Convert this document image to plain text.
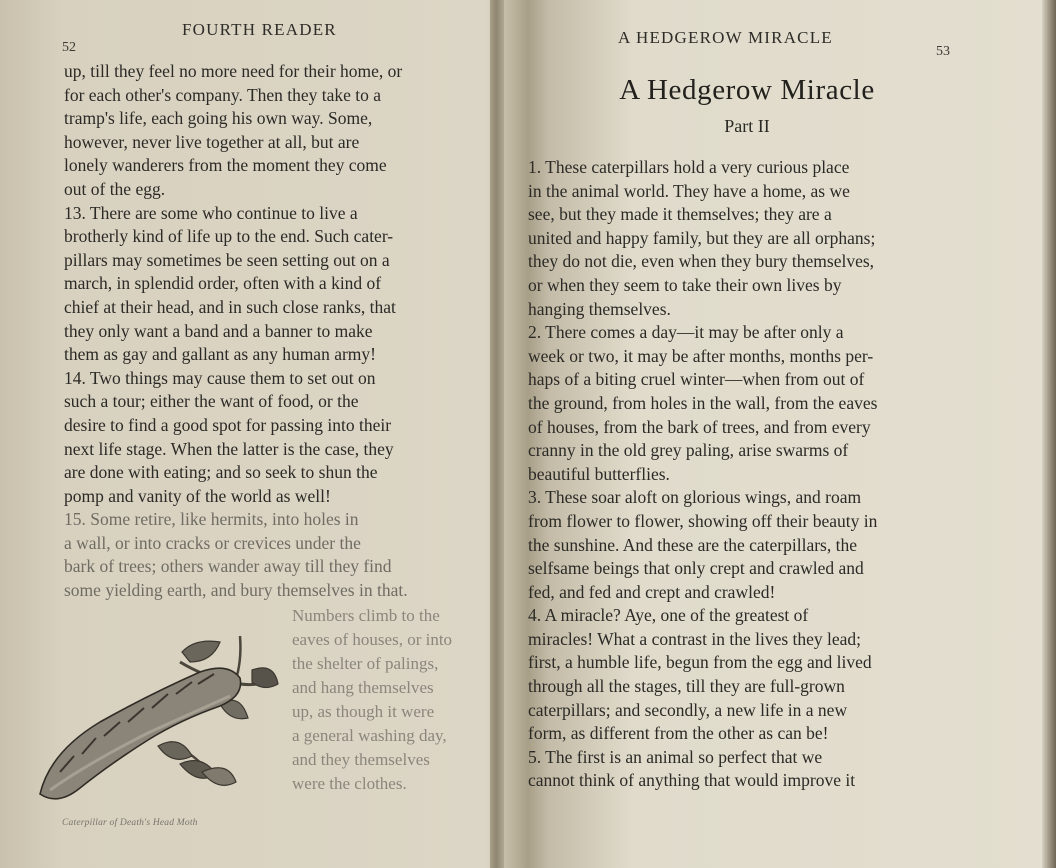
52
FOURTH READER

up, till they feel no more need for their home, or
for each other's company. Then they take to a
tramp's life, each going his own way. Some,
however, never live together at all, but are
lonely wanderers from the moment they come
out of the egg.

13. There are some who continue to live a
brotherly kind of life up to the end. Such cater-
pillars may sometimes be seen setting out on a
march, in splendid order, often with a kind of
chief at their head, and in such close ranks, that
they only want a band and a banner to make
them as gay and gallant as any human army!

14. Two things may cause them to set out on
such a tour; either the want of food, or the
desire to find a good spot for passing into their
next life stage. When the latter is the case, they
are done with eating; and so seek to shun the
pomp and vanity of the world as well!

15. Some retire, like hermits, into holes in
a wall, or into cracks or crevices under the
bark of trees; others wander away till they find
some yielding earth, and bury themselves in that.

Numbers climb to the
eaves of houses, or into
the shelter of palings,
and hang themselves
up, as though it were
a general washing day,
and they themselves
were the clothes.
Caterpillar of Death's Head Moth
A HEDGEROW MIRACLE
53
A Hedgerow Miracle
Part II

1. These caterpillars hold a very curious place
in the animal world. They have a home, as we
see, but they made it themselves; they are a
united and happy family, but they are all orphans;
they do not die, even when they bury themselves,
or when they seem to take their own lives by
hanging themselves.

2. There comes a day—it may be after only a
week or two, it may be after months, months per-
haps of a biting cruel winter—when from out of
the ground, from holes in the wall, from the eaves
of houses, from the bark of trees, and from every
cranny in the old grey paling, arise swarms of
beautiful butterflies.

3. These soar aloft on glorious wings, and roam
from flower to flower, showing off their beauty in
the sunshine. And these are the caterpillars, the
selfsame beings that only crept and crawled and
fed, and fed and crept and crawled!

4. A miracle? Aye, one of the greatest of
miracles! What a contrast in the lives they lead;
first, a humble life, begun from the egg and lived
through all the stages, till they are full-grown
caterpillars; and secondly, a new life in a new
form, as different from the other as can be!

5. The first is an animal so perfect that we
cannot think of anything that would improve it
